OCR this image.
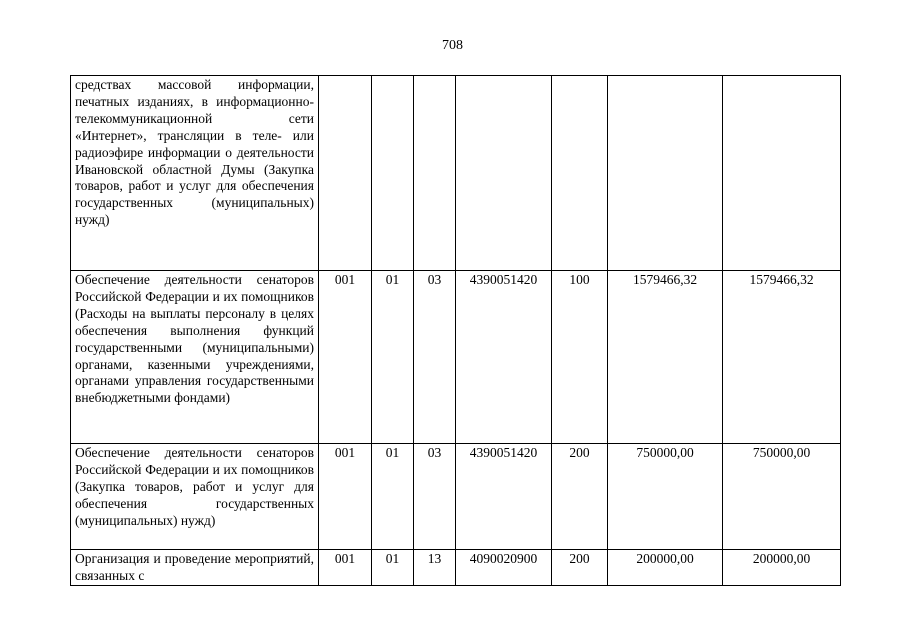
708
средствах массовой информации, печатных изданиях, в информационно-телекоммуникационной сети «Интернет», трансляции в теле- или радиоэфире информации о деятельности Ивановской областной Думы (Закупка товаров, работ и услуг для обеспечения государственных (муниципальных) нужд)							
Обеспечение деятельности сенаторов Российской Федерации и их помощников (Расходы на выплаты персоналу в целях обеспечения выполнения функций государственными (муниципальными) органами, казенными учреждениями, органами управления государственными внебюджетными фондами)	001	01	03	4390051420	100	1579466,32	1579466,32
Обеспечение деятельности сенаторов Российской Федерации и их помощников (Закупка товаров, работ и услуг для обеспечения государственных (муниципальных) нужд)	001	01	03	4390051420	200	750000,00	750000,00
Организация и проведение мероприятий, связанных с	001	01	13	4090020900	200	200000,00	200000,00
